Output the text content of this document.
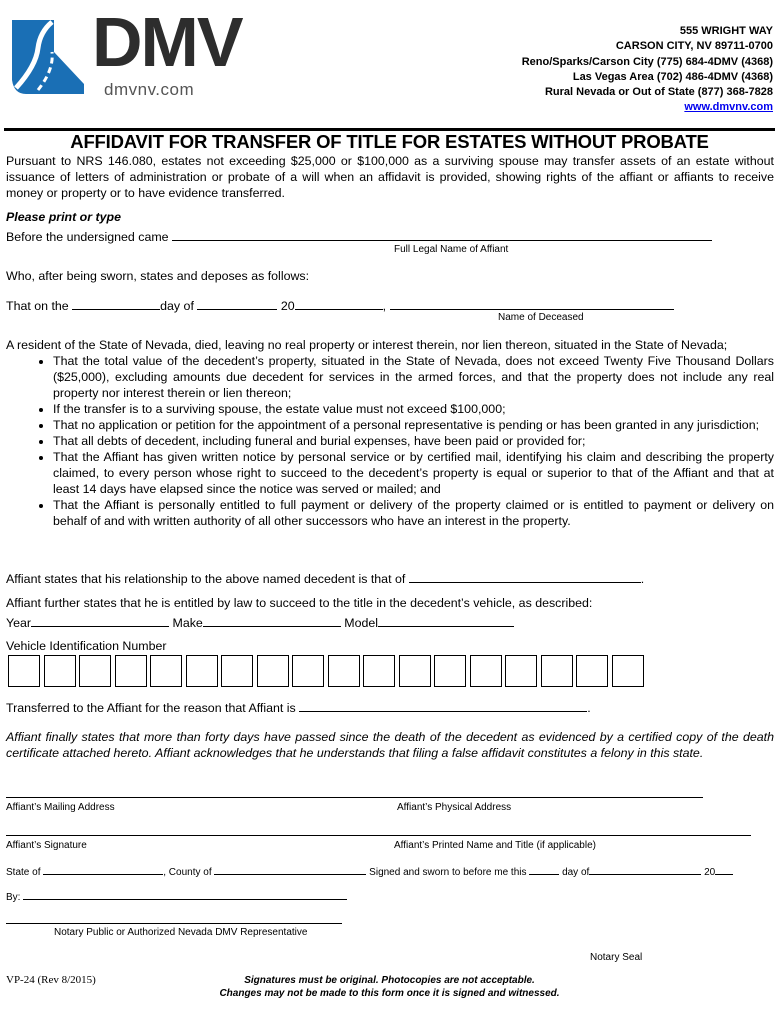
DMV
dmvnv.com
555 WRIGHT WAY
CARSON CITY, NV 89711-0700
Reno/Sparks/Carson City (775) 684-4DMV (4368)
Las Vegas Area (702) 486-4DMV (4368)
Rural Nevada or Out of State (877) 368-7828
www.dmvnv.com
AFFIDAVIT FOR TRANSFER OF TITLE FOR ESTATES WITHOUT PROBATE
Pursuant to NRS 146.080, estates not exceeding $25,000 or $100,000 as a surviving spouse may transfer assets of an estate without issuance of letters of administration or probate of a will when an affidavit is provided, showing rights of the affiant or affiants to receive money or property or to have evidence transferred.
Please print or type
Before the undersigned came
Full Legal Name of Affiant
Who, after being sworn, states and deposes as follows:
That on the	day of	20	,
Name of Deceased
A resident of the State of Nevada, died, leaving no real property or interest therein, nor lien thereon, situated in the State of Nevada;
• That the total value of the decedent’s property, situated in the State of Nevada, does not exceed Twenty Five Thousand Dollars ($25,000), excluding amounts due decedent for services in the armed forces, and that the property does not include any real property nor interest therein or lien thereon;
• If the transfer is to a surviving spouse, the estate value must not exceed $100,000;
• That no application or petition for the appointment of a personal representative is pending or has been granted in any jurisdiction;
• That all debts of decedent, including funeral and burial expenses, have been paid or provided for;
• That the Affiant has given written notice by personal service or by certified mail, identifying his claim and describing the property claimed, to every person whose right to succeed to the decedent’s property is equal or superior to that of the Affiant and that at least 14 days have elapsed since the notice was served or mailed; and
• That the Affiant is personally entitled to full payment or delivery of the property claimed or is entitled to payment or delivery on behalf of and with written authority of all other successors who have an interest in the property.
Affiant states that his relationship to the above named decedent is that of	.
Affiant further states that he is entitled by law to succeed to the title in the decedent’s vehicle, as described:
Year	Make	Model
Vehicle Identification Number
Transferred to the Affiant for the reason that Affiant is	.
Affiant finally states that more than forty days have passed since the death of the decedent as evidenced by a certified copy of the death certificate attached hereto. Affiant acknowledges that he understands that filing a false affidavit constitutes a felony in this state.
Affiant’s Mailing Address	Affiant’s Physical Address
Affiant’s Signature	Affiant’s Printed Name and Title (if applicable)
State of	, County of	Signed and sworn to before me this	day of	20
By:
Notary Public or Authorized Nevada DMV Representative
Notary Seal
VP-24 (Rev 8/2015)	Signatures must be original. Photocopies are not acceptable.
Changes may not be made to this form once it is signed and witnessed.
